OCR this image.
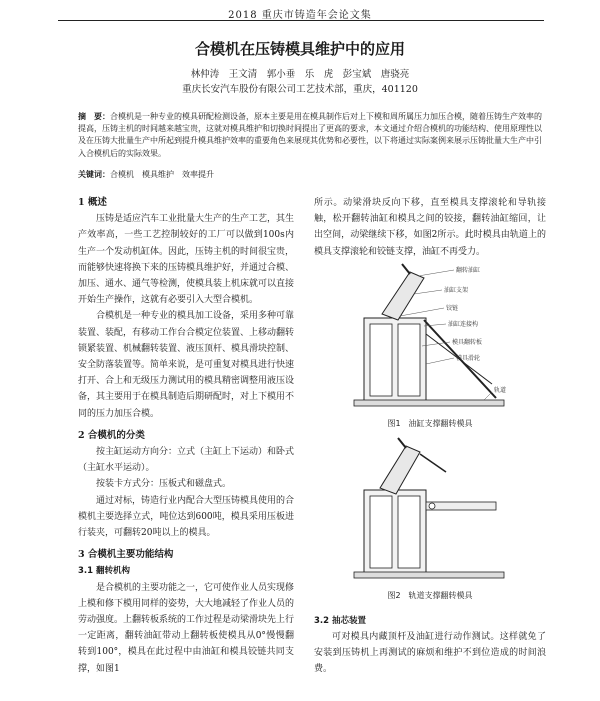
2018 重庆市铸造年会论文集
合模机在压铸模具维护中的应用
林仲涛　王文清　郭小垂　乐　虎　彭宝斌　唐骁亮
重庆长安汽车股份有限公司工艺技术部，重庆，401120
摘　要：合模机是一种专业的模具研配检测设备，原本主要是用在模具制作后对上下模和周所属压力加压合模，随着压铸生产效率的提高，压铸主机的时间越来越宝贵，这就对模具维护和切换时间提出了更高的要求，本文通过介绍合模机的功能结构、使用原理性以及在压铸大批量生产中所起到提升模具维护效率的重要角色来展现其优势和必要性，以下将通过实际案例来展示压铸批量大生产中引入合模机后的实际效果。
关键词：合模机　模具维护　效率提升
1 概述

压铸是适应汽车工业批量大生产的生产工艺，其生产效率高，一些工艺控制较好的工厂可以做到100s内生产一个发动机缸体。因此，压铸主机的时间很宝贵，而能够快速将换下来的压铸模具维护好，并通过合模、加压、通水、通气等检测，使模具装上机床就可以直接开始生产操作，这就有必要引入大型合模机。

合模机是一种专业的模具加工设备，采用多种可靠装置、装配，有移动工作台合模定位装置、上移动翻转锁紧装置、机械翻转装置、液压顶杆、模具滑块控制、安全防落装置等。简单来说，是可重复对模具进行快速打开、合上和无级压力测试用的模具精密调整用液压设备，其主要用于在模具制造后期研配时，对上下模用不同的压力加压合模。

2 合模机的分类

按主缸运动方向分：立式（主缸上下运动）和卧式（主缸水平运动）。

按装卡方式分：压板式和磁盘式。

通过对标，铸造行业内配合大型压铸模具使用的合模机主要选择立式，吨位达到600吨，模具采用压板进行装夹，可翻转20吨以上的模具。

3 合模机主要功能结构
3.1 翻转机构

是合模机的主要功能之一，它可使作业人员实现修上模和修下模用同样的姿势，大大地减轻了作业人员的劳动强度。上翻转板系统的工作过程是动梁滑块先上行一定距离，翻转油缸带动上翻转板使模具从0°慢慢翻转到100°，模具在此过程中由油缸和模具铰链共同支撑，如图1

所示。动梁滑块反向下移，直至模具支撑滚轮和导轨接触，松开翻转油缸和模具之间的铰接，翻转油缸缩回，让出空间，动梁继续下移，如图2所示。此时模具由轨道上的模具支撑滚轮和铰链支撑，油缸不再受力。

翻转油缸
油缸支架
铰链
油缸连接构
模具翻转板
模具滑轮
轨道
图1　油缸支撑翻转模具
图2　轨道支撑翻转模具
3.2 抽芯装置

可对模具内藏顶杆及油缸进行动作测试。这样就免了安装到压铸机上再测试的麻烦和维护不到位造成的时间浪费。
